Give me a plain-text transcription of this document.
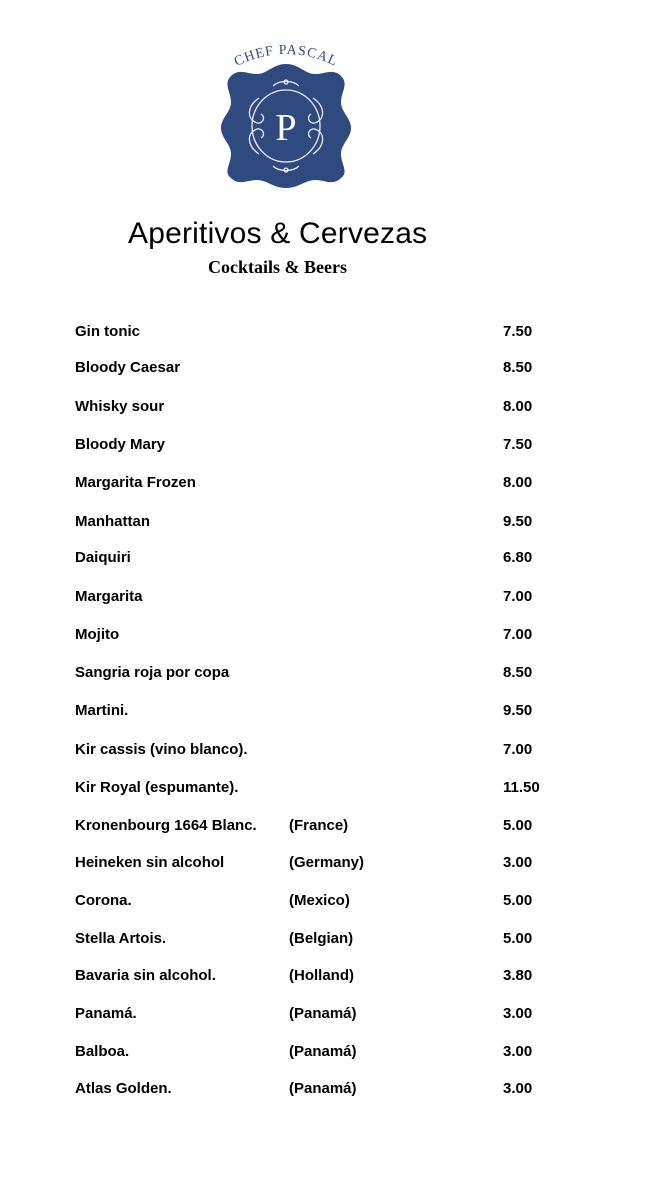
CHEF PASCAL
P
RESTAURANT
Aperitivos & Cervezas
Cocktails & Beers
Gin tonic	7.50
Bloody Caesar	8.50
Whisky sour	8.00
Bloody Mary	7.50
Margarita Frozen	8.00
Manhattan	9.50
Daiquiri	6.80
Margarita	7.00
Mojito	7.00
Sangria roja por copa	8.50
Martini.	9.50
Kir cassis (vino blanco).	7.00
Kir Royal (espumante).	11.50
Kronenbourg 1664 Blanc. (France)	5.00
Heineken sin alcohol	(Germany)	3.00
Corona.	(Mexico)	5.00
Stella Artois.	(Belgian)	5.00
Bavaria sin alcohol.	(Holland)	3.80
Panamá.	(Panamá)	3.00
Balboa.	(Panamá)	3.00
Atlas Golden.	(Panamá)	3.00
